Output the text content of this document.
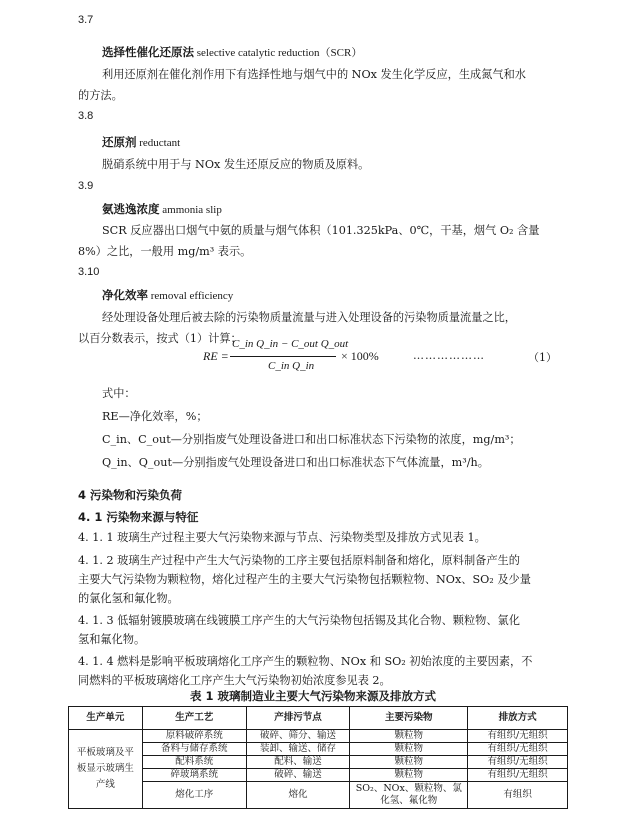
3.7
选择性催化还原法 selective catalytic reduction（SCR）
利用还原剂在催化剂作用下有选择性地与烟气中的 NOx 发生化学反应，生成氮气和水
的方法。
3.8
还原剂 reductant
脱硝系统中用于与 NOx 发生还原反应的物质及原料。
3.9
氨逃逸浓度 ammonia slip
SCR 反应器出口烟气中氨的质量与烟气体积（101.325kPa、0℃，干基，烟气 O₂ 含量
8%）之比，一般用 mg/m³ 表示。
3.10
净化效率 removal efficiency
经处理设备处理后被去除的污染物质量流量与进入处理设备的污染物质量流量之比，
以百分数表示，按式（1）计算：
RE =
C_in Q_in − C_out Q_out
C_in Q_in
× 100%	………………	（1）
式中：
RE—净化效率，%；
C_in、C_out—分别指废气处理设备进口和出口标准状态下污染物的浓度，mg/m³；
Q_in、Q_out—分别指废气处理设备进口和出口标准状态下气体流量，m³/h。
4 污染物和污染负荷
4. 1 污染物来源与特征
4. 1. 1 玻璃生产过程主要大气污染物来源与节点、污染物类型及排放方式见表 1。
4. 1. 2 玻璃生产过程中产生大气污染物的工序主要包括原料制备和熔化，原料制备产生的
主要大气污染物为颗粒物，熔化过程产生的主要大气污染物包括颗粒物、NOx、SO₂ 及少量
的氯化氢和氟化物。
4. 1. 3 低辐射镀膜玻璃在线镀膜工序产生的大气污染物包括锡及其化合物、颗粒物、氯化
氢和氟化物。
4. 1. 4 燃料是影响平板玻璃熔化工序产生的颗粒物、NOx 和 SO₂ 初始浓度的主要因素，不
同燃料的平板玻璃熔化工序产生大气污染物初始浓度参见表 2。
表 1 玻璃制造业主要大气污染物来源及排放方式
生产单元	生产工艺	产排污节点	主要污染物	排放方式
平板玻璃及平板显示玻璃生产线	原料破碎系统	破碎、筛分、输送	颗粒物	有组织/无组织
	备料与储存系统	装卸、输送、储存	颗粒物	有组织/无组织
	配料系统	配料、输送	颗粒物	有组织/无组织
	碎玻璃系统	破碎、输送	颗粒物	有组织/无组织
	熔化工序	熔化	SO₂、NOx、颗粒物、氯化氢、氟化物	有组织
